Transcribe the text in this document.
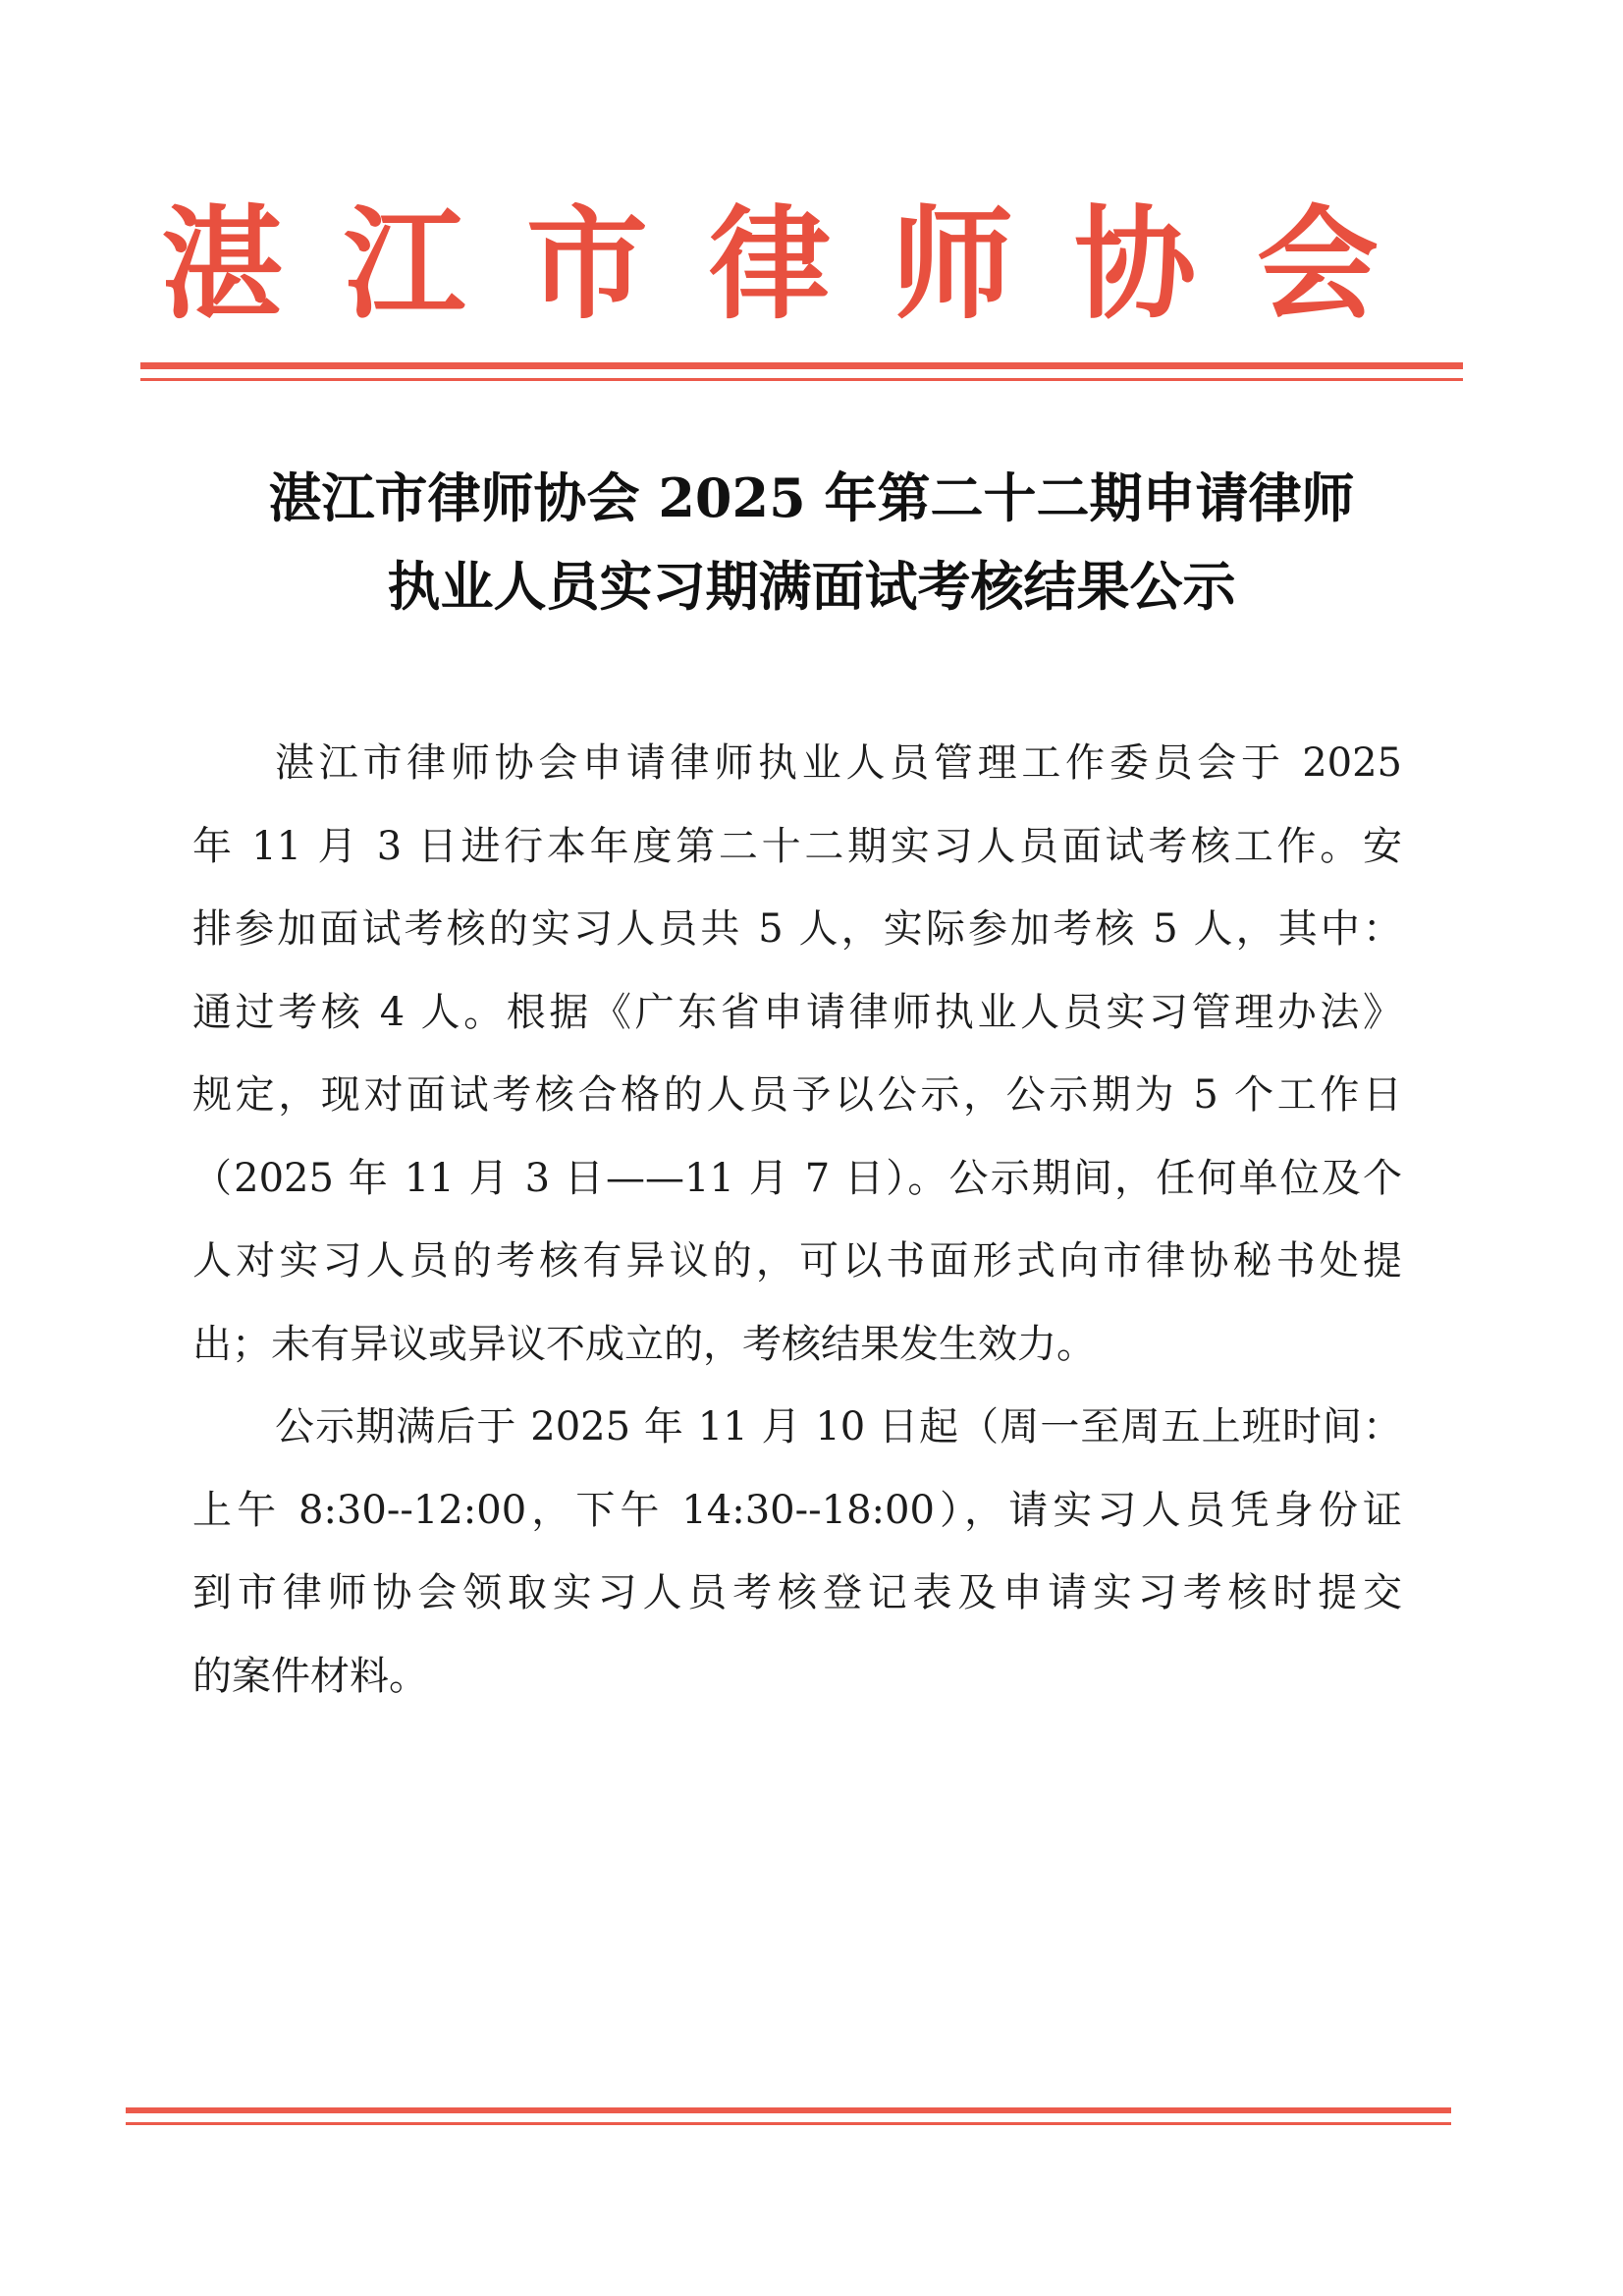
湛江市律师协会
湛江市律师协会 2025 年第二十二期申请律师
执业人员实习期满面试考核结果公示
湛江市律师协会申请律师执业人员管理工作委员会于 2025
年 11 月 3 日进行本年度第二十二期实习人员面试考核工作。安
排参加面试考核的实习人员共 5 人，实际参加考核 5 人，其中：
通过考核 4 人。根据《广东省申请律师执业人员实习管理办法》
规定，现对面试考核合格的人员予以公示，公示期为 5 个工作日
（2025 年 11 月 3 日——11 月 7 日）。公示期间，任何单位及个
人对实习人员的考核有异议的，可以书面形式向市律协秘书处提
出；未有异议或异议不成立的，考核结果发生效力。
公示期满后于 2025 年 11 月 10 日起（周一至周五上班时间：
上午 8:30--12:00，下午 14:30--18:00），请实习人员凭身份证
到市律师协会领取实习人员考核登记表及申请实习考核时提交
的案件材料。
